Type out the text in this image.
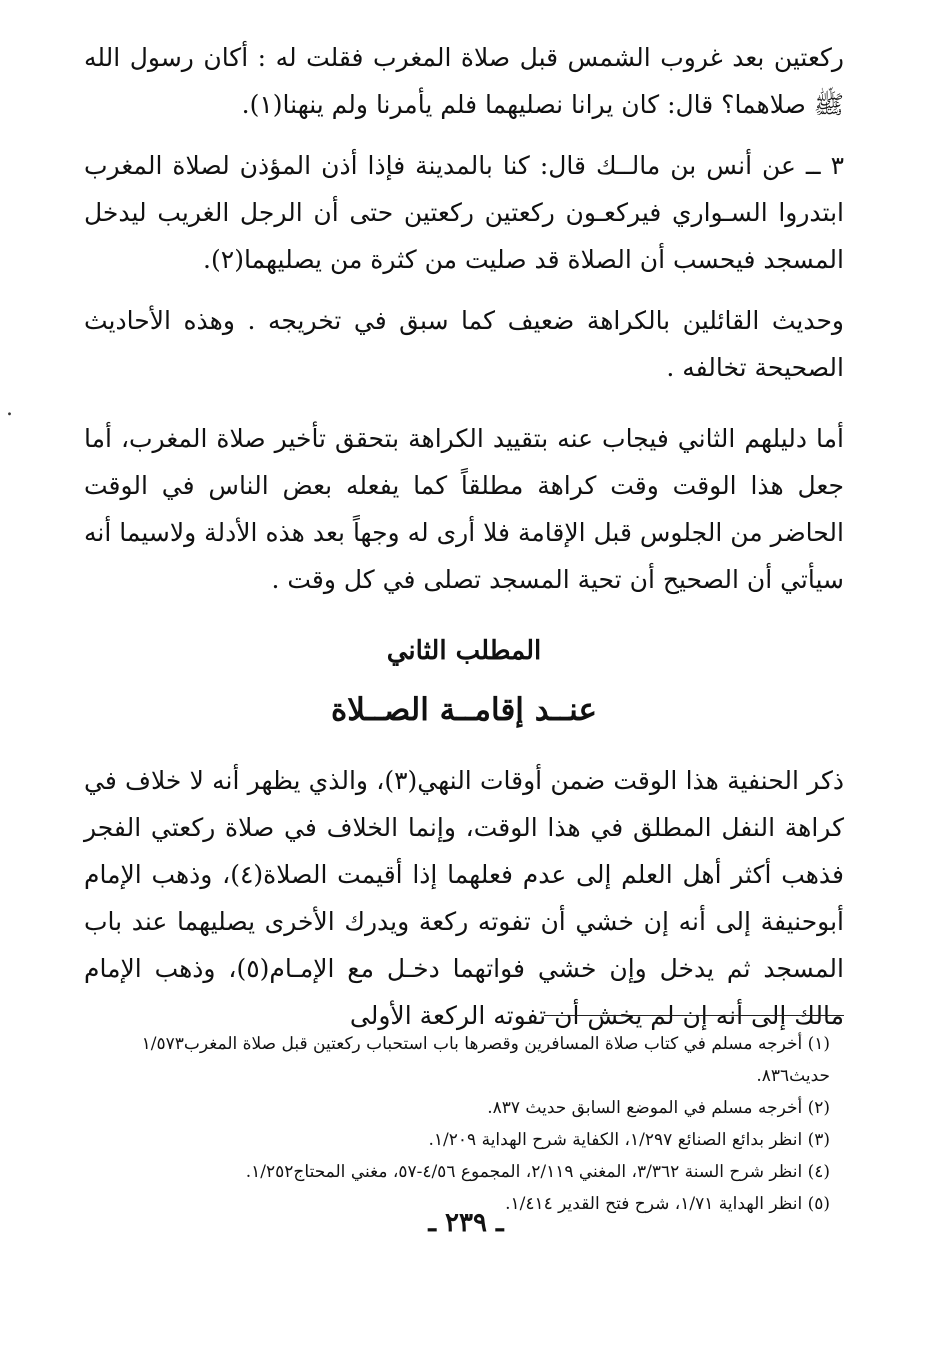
ركعتين بعد غروب الشمس قبل صلاة المغرب فقلت له : أكان رسول الله ﷺ صلاهما؟ قال: كان يرانا نصليهما فلم يأمرنا ولم ينهنا(١).

٣ ــ عن أنس بن مالــك قال: كنا بالمدينة فإذا أذن المؤذن لصلاة المغرب ابتدروا السـواري فيركعـون ركعتين ركعتين حتى أن الرجل الغريب ليدخل المسجد فيحسب أن الصلاة قد صليت من كثرة من يصليهما(٢).

وحديث القائلين بالكراهة ضعيف كما سبق في تخريجه . وهذه الأحاديث الصحيحة تخالفه .

أما دليلهم الثاني فيجاب عنه بتقييد الكراهة بتحقق تأخير صلاة المغرب، أما جعل هذا الوقت وقت كراهة مطلقاً كما يفعله بعض الناس في الوقت الحاضر من الجلوس قبل الإقامة فلا أرى له وجهاً بعد هذه الأدلة ولاسيما أنه سيأتي أن الصحيح أن تحية المسجد تصلى في كل وقت .

المطلب الثاني

عنــد إقامــة الصــلاة

ذكر الحنفية هذا الوقت ضمن أوقات النهي(٣)، والذي يظهر أنه لا خلاف في كراهة النفل المطلق في هذا الوقت، وإنما الخلاف في صلاة ركعتي الفجر فذهب أكثر أهل العلم إلى عدم فعلهما إذا أقيمت الصلاة(٤)، وذهب الإمام أبوحنيفة إلى أنه إن خشي أن تفوته ركعة ويدرك الأخرى يصليهما عند باب المسجد ثم يدخل وإن خشي فواتهما دخـل مع الإمـام(٥)، وذهب الإمام مالك إلى أنه إن لم يخش أن تفوته الركعة الأولى

(١) أخرجه مسلم في كتاب صلاة المسافرين وقصرها باب استحباب ركعتين قبل صلاة المغرب١/٥٧٣ حديث٨٣٦.

(٢) أخرجه مسلم في الموضع السابق حديث ٨٣٧.

(٣) انظر بدائع الصنائع ١/٢٩٧، الكفاية شرح الهداية ١/٢٠٩.

(٤) انظر شرح السنة ٣/٣٦٢، المغني ٢/١١٩، المجموع ٤/٥٦-٥٧، مغني المحتاج١/٢٥٢.

(٥) انظر الهداية ١/٧١، شرح فتح القدير ١/٤١٤.

ـ ٢٣٩ ـ
.
